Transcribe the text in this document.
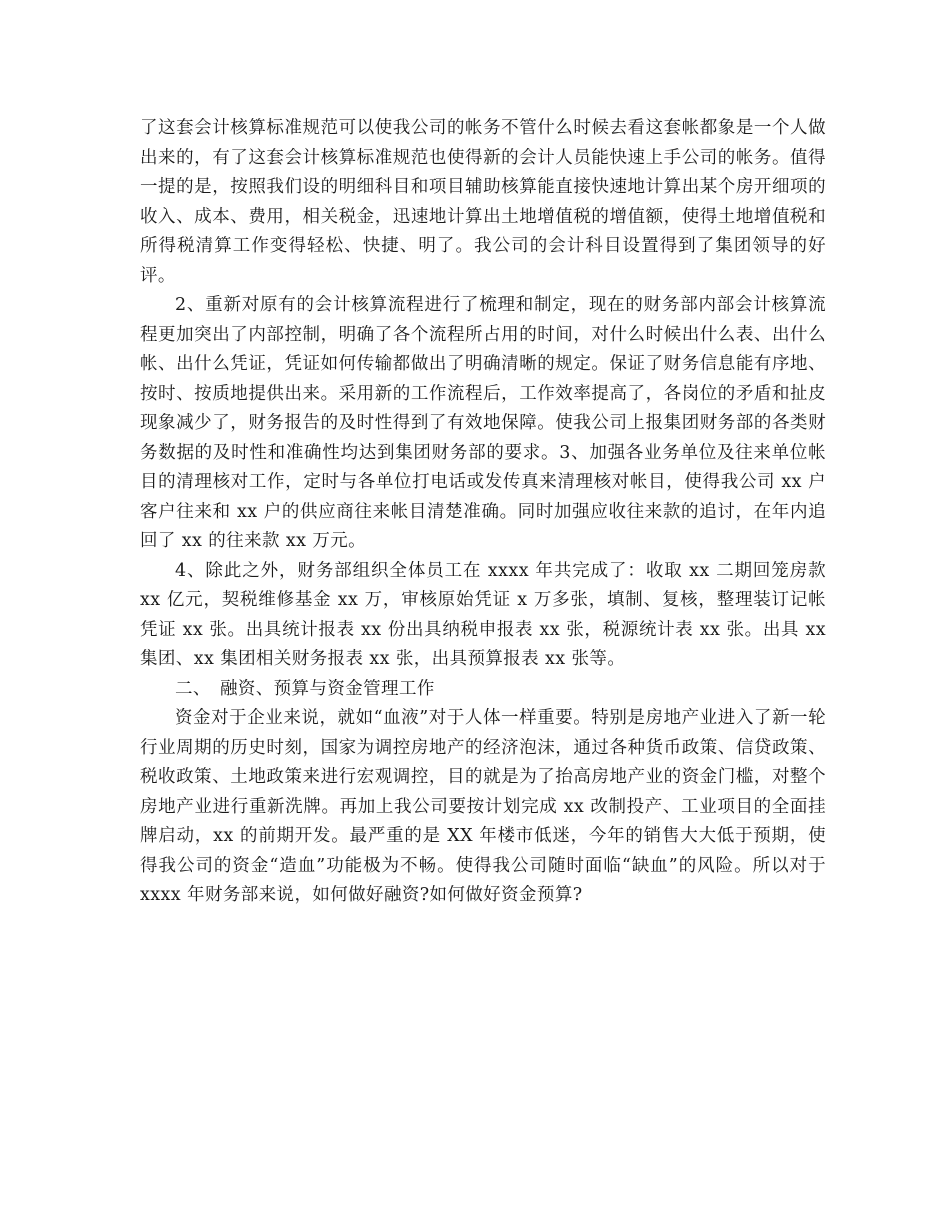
了这套会计核算标准规范可以使我公司的帐务不管什么时候去看这套帐都象是一个人做出来的，有了这套会计核算标准规范也使得新的会计人员能快速上手公司的帐务。值得一提的是，按照我们设的明细科目和项目辅助核算能直接快速地计算出某个房开细项的收入、成本、费用，相关税金，迅速地计算出土地增值税的增值额，使得土地增值税和所得税清算工作变得轻松、快捷、明了。我公司的会计科目设置得到了集团领导的好评。

2、重新对原有的会计核算流程进行了梳理和制定，现在的财务部内部会计核算流程更加突出了内部控制，明确了各个流程所占用的时间，对什么时候出什么表、出什么帐、出什么凭证，凭证如何传输都做出了明确清晰的规定。保证了财务信息能有序地、按时、按质地提供出来。采用新的工作流程后，工作效率提高了，各岗位的矛盾和扯皮现象减少了，财务报告的及时性得到了有效地保障。使我公司上报集团财务部的各类财务数据的及时性和准确性均达到集团财务部的要求。3、加强各业务单位及往来单位帐目的清理核对工作，定时与各单位打电话或发传真来清理核对帐目，使得我公司 xx 户客户往来和 xx 户的供应商往来帐目清楚准确。同时加强应收往来款的追讨，在年内追回了 xx 的往来款 xx 万元。

4、除此之外，财务部组织全体员工在 xxxx 年共完成了：收取 xx 二期回笼房款 xx 亿元，契税维修基金 xx 万，审核原始凭证 x 万多张，填制、复核，整理装订记帐凭证 xx 张。出具统计报表 xx 份出具纳税申报表 xx 张，税源统计表 xx 张。出具 xx 集团、xx 集团相关财务报表 xx 张，出具预算报表 xx 张等。

二、　融资、预算与资金管理工作

资金对于企业来说，就如“血液”对于人体一样重要。特别是房地产业进入了新一轮行业周期的历史时刻，国家为调控房地产的经济泡沫，通过各种货币政策、信贷政策、税收政策、土地政策来进行宏观调控，目的就是为了抬高房地产业的资金门槛，对整个房地产业进行重新洗牌。再加上我公司要按计划完成 xx 改制投产、工业项目的全面挂牌启动，xx 的前期开发。最严重的是 XX 年楼市低迷，今年的销售大大低于预期，使得我公司的资金“造血”功能极为不畅。使得我公司随时面临“缺血”的风险。所以对于 xxxx 年财务部来说，如何做好融资?如何做好资金预算?
